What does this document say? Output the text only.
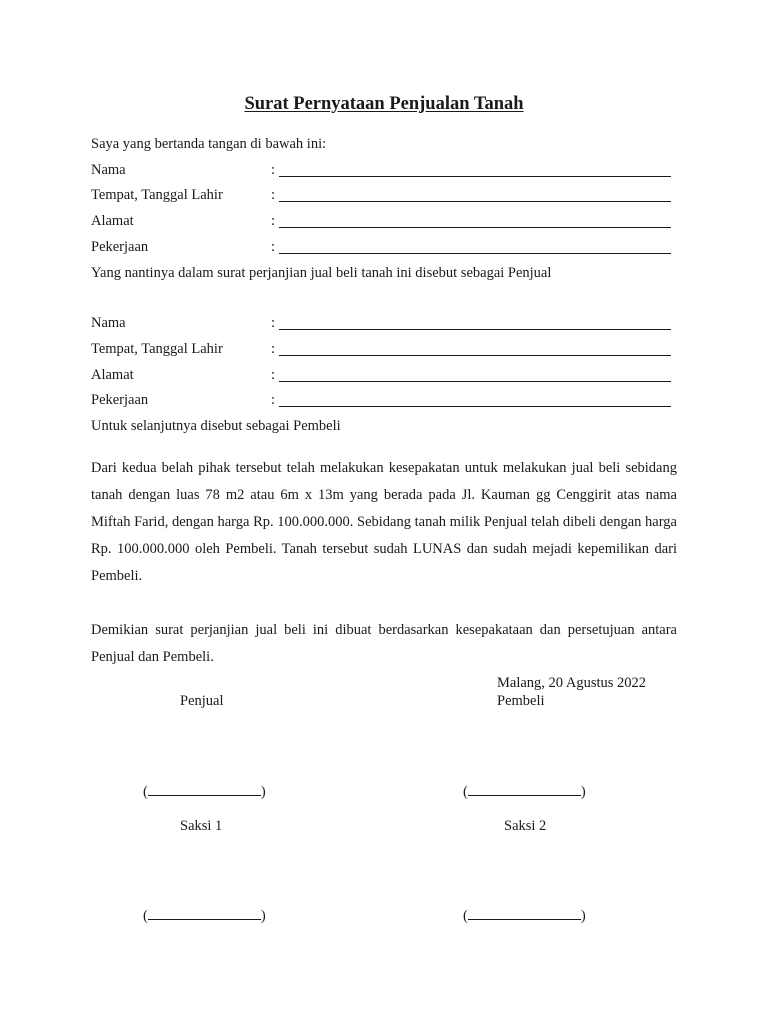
Surat Pernyataan Penjualan Tanah
Saya yang bertanda tangan di bawah ini:
Nama	:
Tempat, Tanggal Lahir	:
Alamat	:
Pekerjaan	:
Yang nantinya dalam surat perjanjian jual beli tanah ini disebut sebagai Penjual
Nama	:
Tempat, Tanggal Lahir	:
Alamat	:
Pekerjaan	:
Untuk selanjutnya disebut sebagai Pembeli
Dari kedua belah pihak tersebut telah melakukan kesepakatan untuk melakukan jual beli sebidang tanah dengan luas 78 m2 atau 6m x 13m yang berada pada Jl. Kauman gg Cenggirit atas nama Miftah Farid, dengan harga Rp. 100.000.000. Sebidang tanah milik Penjual telah dibeli dengan harga Rp. 100.000.000 oleh Pembeli. Tanah tersebut sudah LUNAS dan sudah mejadi kepemilikan dari Pembeli.
Demikian surat perjanjian jual beli ini dibuat berdasarkan kesepakataan dan persetujuan antara Penjual dan Pembeli.
Malang, 20 Agustus 2022
Penjual	Pembeli
(	)	(	)
Saksi 1	Saksi 2
(	)	(	)
